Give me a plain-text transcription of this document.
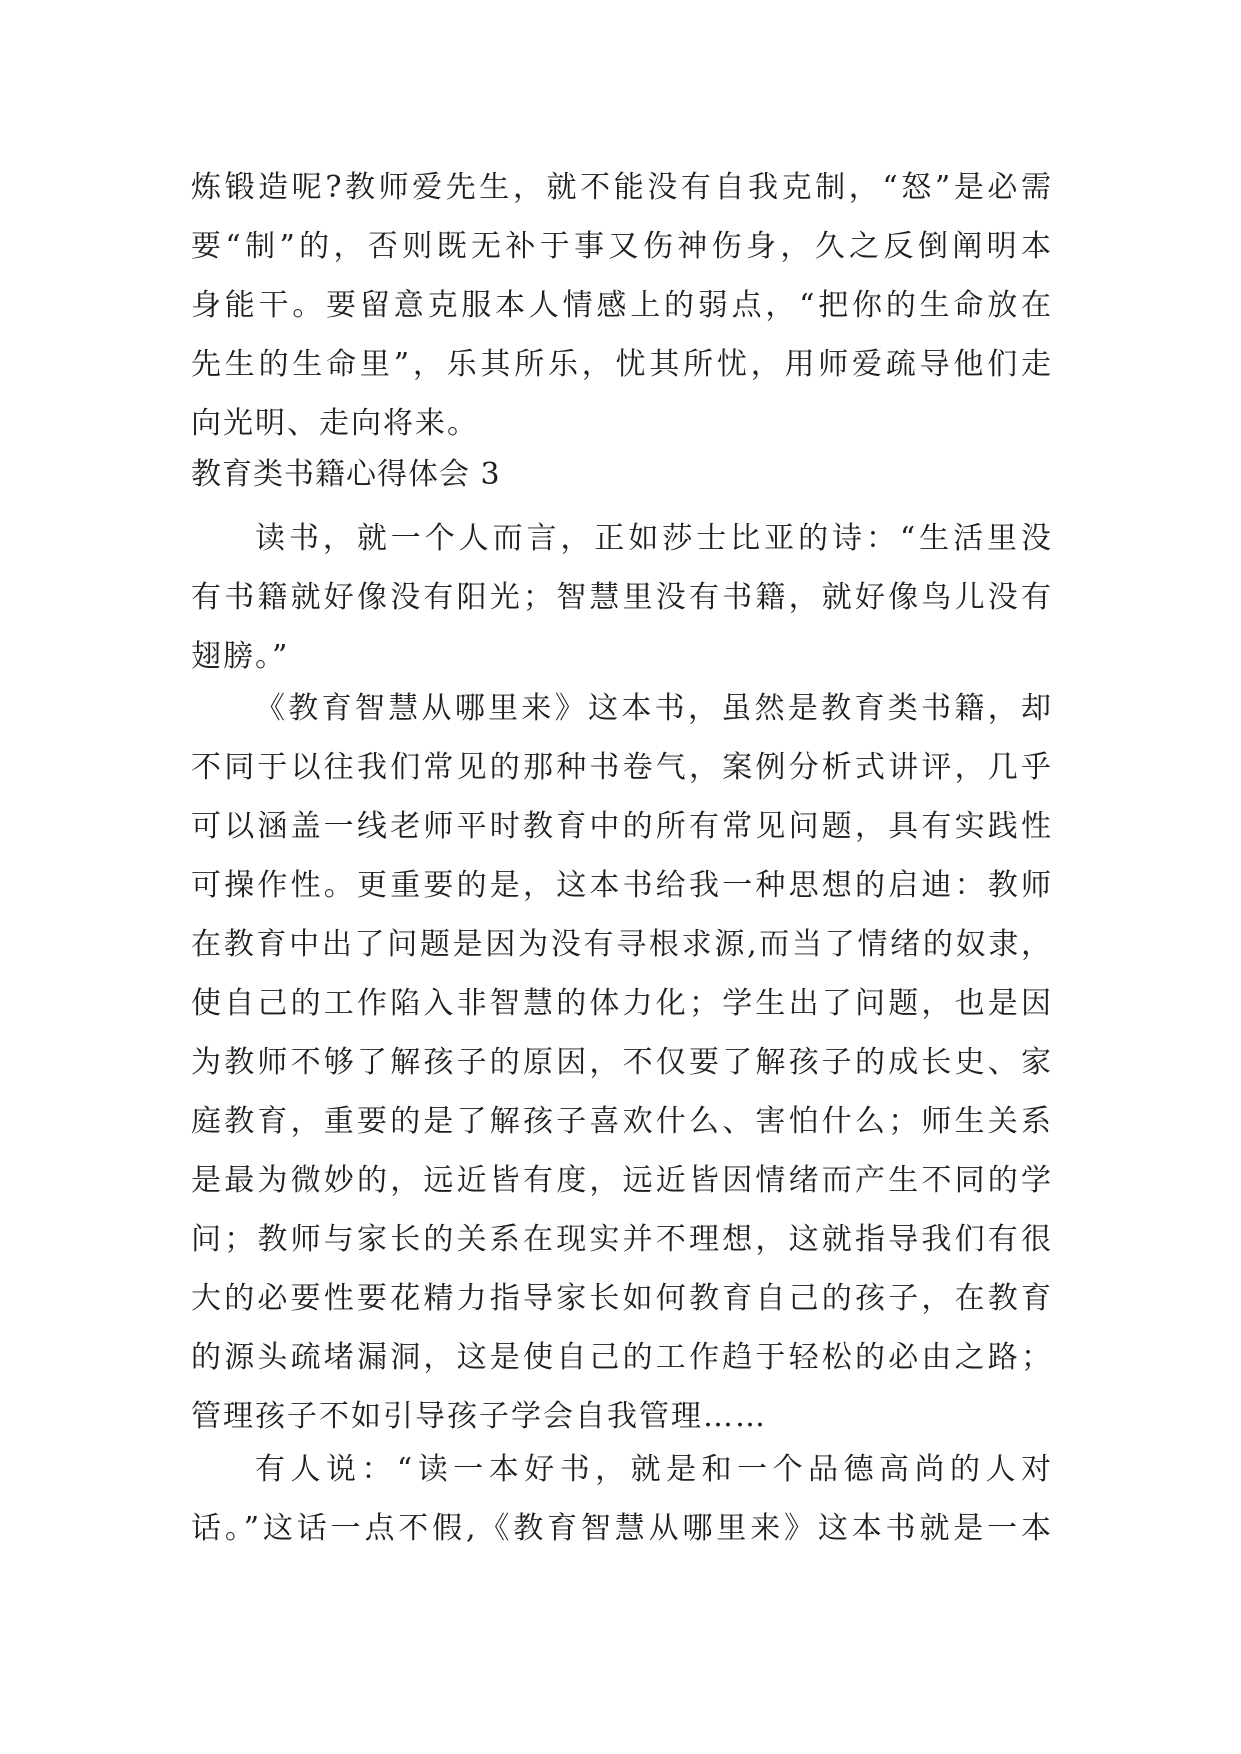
炼锻造呢?教师爱先生，就不能没有自我克制，“怒”是必需
要“制”的，否则既无补于事又伤神伤身，久之反倒阐明本
身能干。要留意克服本人情感上的弱点，“把你的生命放在
先生的生命里”，乐其所乐，忧其所忧，用师爱疏导他们走
向光明、走向将来。
教育类书籍心得体会 3
读书，就一个人而言，正如莎士比亚的诗：“生活里没
有书籍就好像没有阳光；智慧里没有书籍，就好像鸟儿没有
翅膀。”
《教育智慧从哪里来》这本书，虽然是教育类书籍，却
不同于以往我们常见的那种书卷气，案例分析式讲评，几乎
可以涵盖一线老师平时教育中的所有常见问题，具有实践性
可操作性。更重要的是，这本书给我一种思想的启迪：教师
在教育中出了问题是因为没有寻根求源,而当了情绪的奴隶，
使自己的工作陷入非智慧的体力化；学生出了问题，也是因
为教师不够了解孩子的原因，不仅要了解孩子的成长史、家
庭教育，重要的是了解孩子喜欢什么、害怕什么；师生关系
是最为微妙的，远近皆有度，远近皆因情绪而产生不同的学
问；教师与家长的关系在现实并不理想，这就指导我们有很
大的必要性要花精力指导家长如何教育自己的孩子，在教育
的源头疏堵漏洞，这是使自己的工作趋于轻松的必由之路；
管理孩子不如引导孩子学会自我管理……
有人说：“读一本好书，就是和一个品德高尚的人对
话。”这话一点不假,《教育智慧从哪里来》这本书就是一本
